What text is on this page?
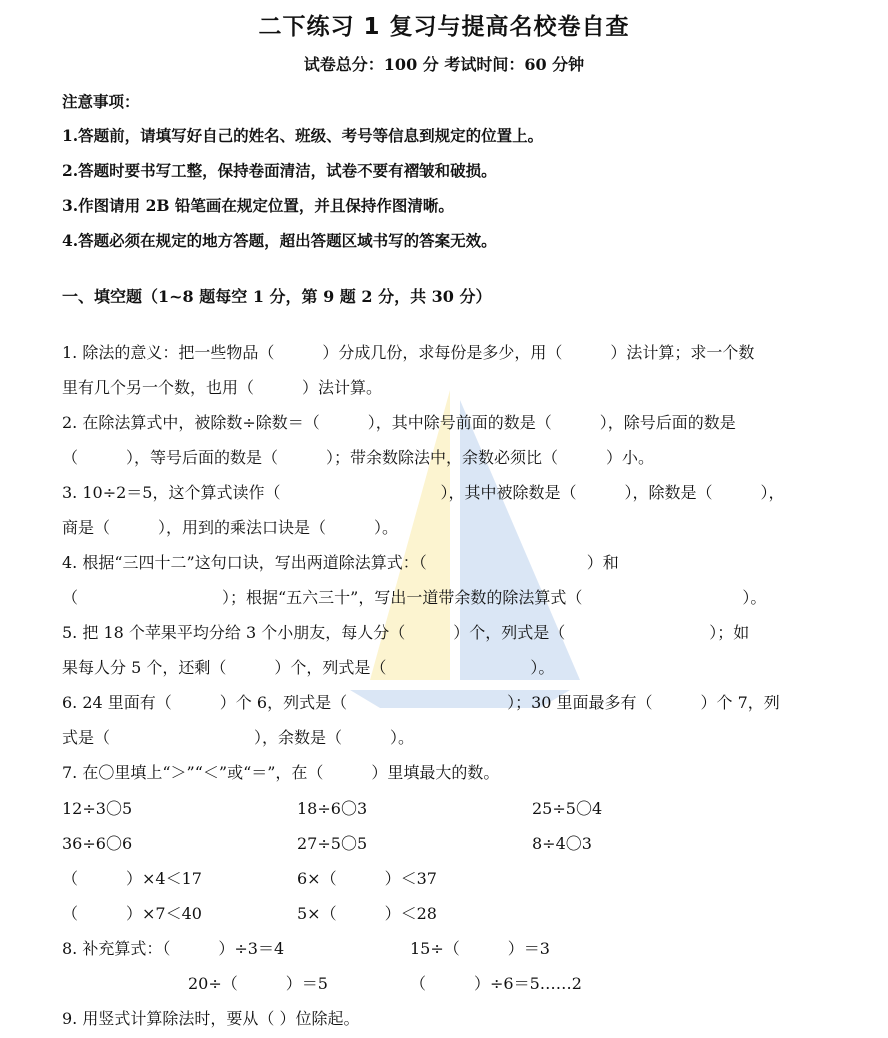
二下练习 1 复习与提高名校卷自查
试卷总分：100 分 考试时间：60 分钟
注意事项：
1.答题前，请填写好自己的姓名、班级、考号等信息到规定的位置上。
2.答题时要书写工整，保持卷面清洁，试卷不要有褶皱和破损。
3.作图请用 2B 铅笔画在规定位置，并且保持作图清晰。
4.答题必须在规定的地方答题，超出答题区域书写的答案无效。
一、填空题（1~8 题每空 1 分，第 9 题 2 分，共 30 分）
1. 除法的意义：把一些物品（　　　）分成几份，求每份是多少，用（　　　）法计算；求一个数
里有几个另一个数，也用（　　　）法计算。
2. 在除法算式中，被除数÷除数＝（　　　），其中除号前面的数是（　　　），除号后面的数是
（　　　），等号后面的数是（　　　）；带余数除法中，余数必须比（　　　）小。
3. 10÷2＝5，这个算式读作（　　　　　　　　　　），其中被除数是（　　　），除数是（　　　），
商是（　　　），用到的乘法口诀是（　　　）。
4. 根据“三四十二”这句口诀，写出两道除法算式：（　　　　　　　　　　）和
（　　　　　　　　　）；根据“五六三十”，写出一道带余数的除法算式（　　　　　　　　　　）。
5. 把 18 个苹果平均分给 3 个小朋友，每人分（　　　）个，列式是（　　　　　　　　　）；如
果每人分 5 个，还剩（　　　）个，列式是（　　　　　　　　　）。
6. 24 里面有（　　　）个 6，列式是（　　　　　　　　　　）；30 里面最多有（　　　）个 7，列
式是（　　　　　　　　　），余数是（　　　）。
7. 在〇里填上“＞”“＜”或“＝”，在（　　　）里填最大的数。
12÷3〇5	18÷6〇3	25÷5〇4
36÷6〇6	27÷5〇5	8÷4〇3
（　　　）×4＜17	6×（　　　）＜37
（　　　）×7＜40	5×（　　　）＜28
8. 补充算式：（　　　）÷3＝4	15÷（　　　）＝3
20÷（　　　）＝5	（　　　）÷6＝5……2
9. 用竖式计算除法时，要从（ ）位除起。
